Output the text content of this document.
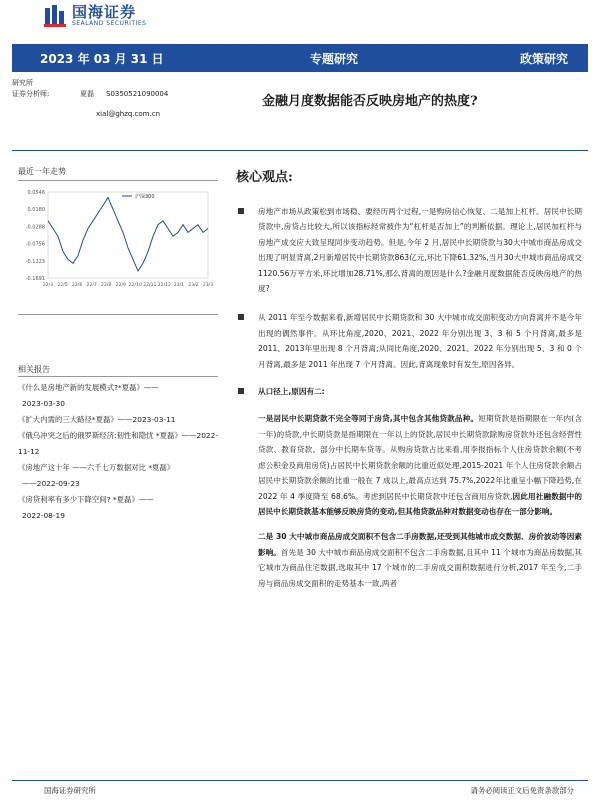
国海证券
SEALAND SECURITIES
2023 年 03 月 31 日	专题研究	政策研究
研究所
证券分析师:	夏磊	S0350521090004
xial@ghzq.com.cn
金融月度数据能否反映房地产的热度?
最近一年走势
0.0546
0.0180
-0.0288
-0.0756
-0.1223
-0.1691
22/3 22/5 22/6 22/7 22/8 22/9 22/10 22/11 22/12 23/1 23/2 23/3
沪深300
相关报告
《什么是房地产新的发展模式?*夏磊》——
2023-03-30
《扩大内需的三大路径*夏磊》——2023-03-11
《俄乌冲突之后的俄罗斯经济:韧性和隐忧 *夏磊》——2022-11-12
《房地产这十年 ——六千七万数据对比 *夏磊》
——2022-09-23
《房贷利率有多少下降空间? *夏磊》——
2022-08-19
核心观点:
房地产市场从政策松到市场稳、要经历两个过程,一是购房信心恢复、二是加上杠杆。居民中长期贷款中,房贷占比较大,所以该指标经常被作为“杠杆是否加上”的判断依据。理论上,居民加杠杆与房地产成交应大致呈现同步变动趋势。但是,今年 2 月,居民中长期贷款与30大中城市商品房成交出现了明显背离,2月新增居民中长期贷款863亿元,环比下降61.32%,当月30大中城市商品房成交1120.56万平方米,环比增加28.71%,那么背离的原因是什么?金融月度数据能否反映房地产的热度?
从 2011 年至今数据来看,新增居民中长期贷款和 30 大中城市成交面积变动方向背离并不是今年出现的偶然事件。从环比角度,2020、2021、2022 年分别出现 3、3 和 5 个月背离,最多是 2011、2013年里出现 8 个月背离;从同比角度,2020、2021、2022 年分别出现 5、3 和 0 个月背离,最多是 2011 年出现 7 个月背离。因此,背离现象时有发生,原因各异。
从口径上,原因有二:
一是居民中长期贷款不完全等同于房贷,其中包含其他贷款品种。短期贷款是指期限在一年内(含一年)的贷款,中长期贷款是指期限在一年以上的贷款,居民中长期贷款除购房贷款外还包含经营性贷款、教育贷款、部分中长期车贷等。从购房贷款占比来看,用李报指标个人住房贷款余额(不考虑公积金及商用房贷)占居民中长期贷款余额的比重近似处理,2015-2021 年个人住房贷款余额占居民中长期贷款余额的比重一般在 7 成以上,最高点达到 75.7%,2022年比重呈小幅下降趋势,在 2022 年 4 季度降至 68.6%。考虑到居民中长期贷款中还包含商用房贷款,因此用社融数据中的居民中长期贷款基本能够反映房贷的变动,但其他贷款品种对数据变动也存在一部分影响。
二是 30 大中城市商品房成交面积不包含二手房数据,还受到其他城市成交数据、房价波动等因素影响。首先是 30 大中城市商品房成交面积不包含二手房数据,且其中 11 个城市为商品房数据,其它城市为商品住宅数据,选取其中 17 个城市的二手房成交面积数据进行分析,2017 年至今,二手房与商品房成交面积的走势基本一致,两者
国海证券研究所	请务必阅读正文后免责条款部分
